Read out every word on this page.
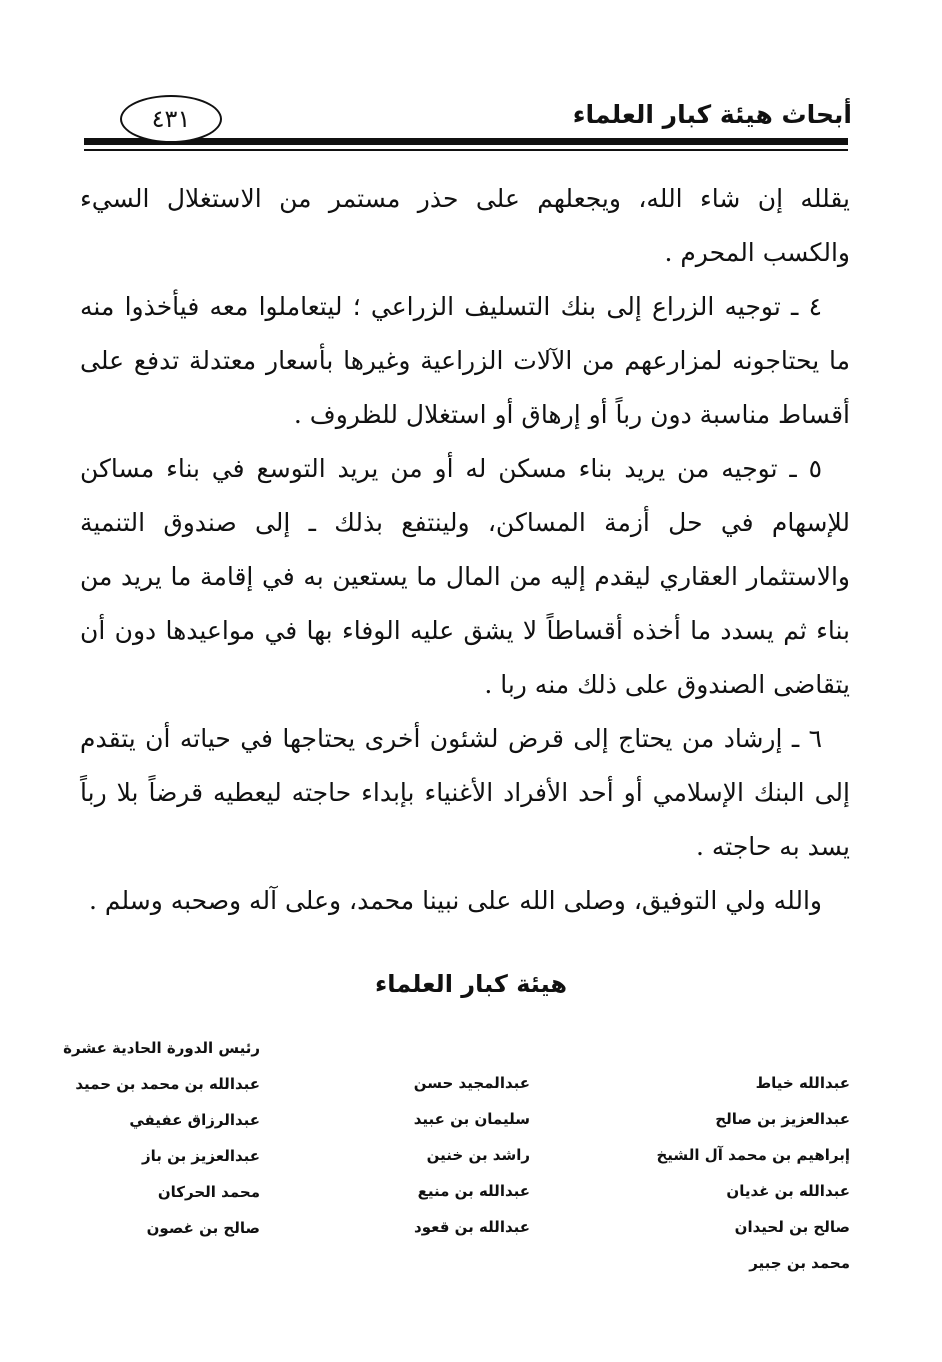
أبحاث هيئة كبار العلماء
٤٣١

يقلله إن شاء الله، ويجعلهم على حذر مستمر من الاستغلال السيء والكسب المحرم .

٤ ـ توجيه الزراع إلى بنك التسليف الزراعي ؛ ليتعاملوا معه فيأخذوا منه ما يحتاجونه لمزارعهم من الآلات الزراعية وغيرها بأسعار معتدلة تدفع على أقساط مناسبة دون رباً أو إرهاق أو استغلال للظروف .

٥ ـ توجيه من يريد بناء مسكن له أو من يريد التوسع في بناء مساكن للإسهام في حل أزمة المساكن، ولينتفع بذلك ـ إلى صندوق التنمية والاستثمار العقاري ليقدم إليه من المال ما يستعين به في إقامة ما يريد من بناء ثم يسدد ما أخذه أقساطاً لا يشق عليه الوفاء بها في مواعيدها دون أن يتقاضى الصندوق على ذلك منه ربا .

٦ ـ إرشاد من يحتاج إلى قرض لشئون أخرى يحتاجها في حياته أن يتقدم إلى البنك الإسلامي أو أحد الأفراد الأغنياء بإبداء حاجته ليعطيه قرضاً بلا رباً يسد به حاجته .

والله ولي التوفيق، وصلى الله على نبينا محمد، وعلى آله وصحبه وسلم .

هيئة كبار العلماء
عبدالله خياط
عبدالعزيز بن صالح
إبراهيم بن محمد آل الشيخ
عبدالله بن غديان
صالح بن لحيدان
محمد بن جبير
عبدالمجيد حسن
سليمان بن عبيد
راشد بن خنين
عبدالله بن منيع
عبدالله بن قعود
رئيس الدورة الحادية عشرة
عبدالله بن محمد بن حميد
عبدالرزاق عفيفي
عبدالعزيز بن باز
محمد الحركان
صالح بن غصون
